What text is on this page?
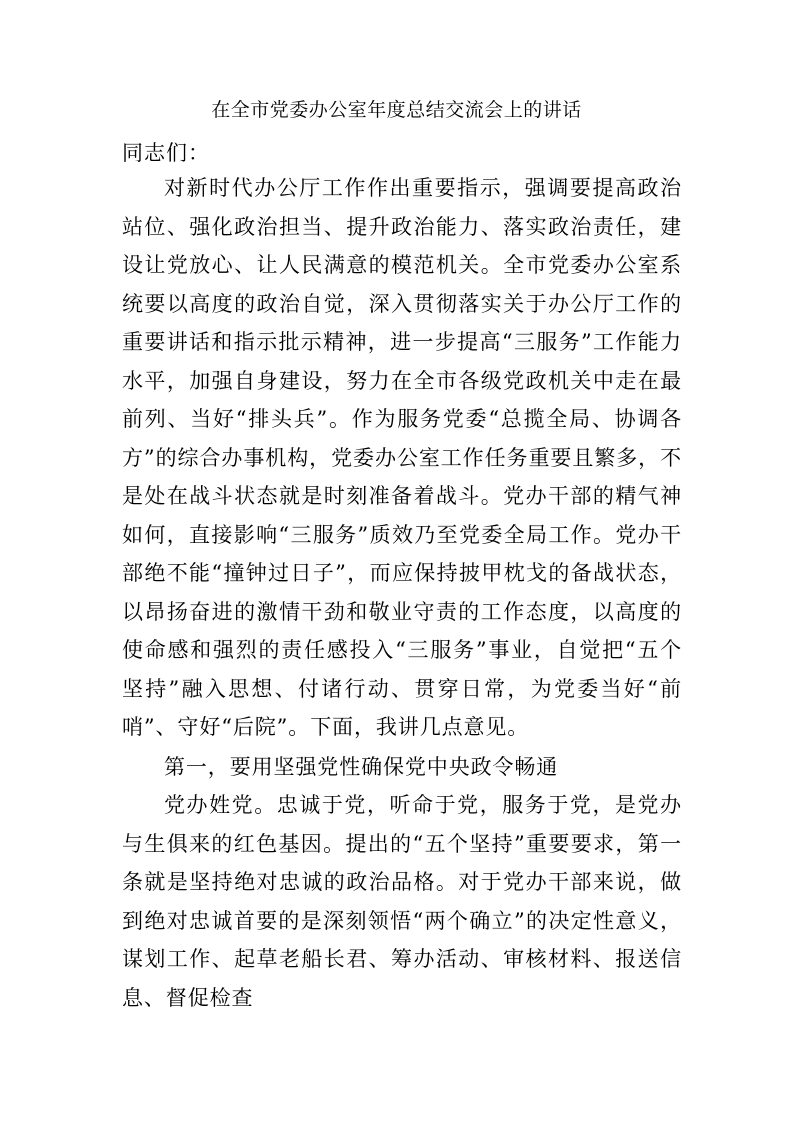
在全市党委办公室年度总结交流会上的讲话

同志们：

对新时代办公厅工作作出重要指示，强调要提高政治站位、强化政治担当、提升政治能力、落实政治责任，建设让党放心、让人民满意的模范机关。全市党委办公室系统要以高度的政治自觉，深入贯彻落实关于办公厅工作的重要讲话和指示批示精神，进一步提高“三服务”工作能力水平，加强自身建设，努力在全市各级党政机关中走在最前列、当好“排头兵”。作为服务党委“总揽全局、协调各方”的综合办事机构，党委办公室工作任务重要且繁多，不是处在战斗状态就是时刻准备着战斗。党办干部的精气神如何，直接影响“三服务”质效乃至党委全局工作。党办干部绝不能“撞钟过日子”，而应保持披甲枕戈的备战状态，以昂扬奋进的激情干劲和敬业守责的工作态度，以高度的使命感和强烈的责任感投入“三服务”事业，自觉把“五个坚持”融入思想、付诸行动、贯穿日常，为党委当好“前哨”、守好“后院”。下面，我讲几点意见。

第一，要用坚强党性确保党中央政令畅通

党办姓党。忠诚于党，听命于党，服务于党，是党办与生俱来的红色基因。提出的“五个坚持”重要要求，第一条就是坚持绝对忠诚的政治品格。对于党办干部来说，做到绝对忠诚首要的是深刻领悟“两个确立”的决定性意义，谋划工作、起草老船长君、筹办活动、审核材料、报送信息、督促检查
